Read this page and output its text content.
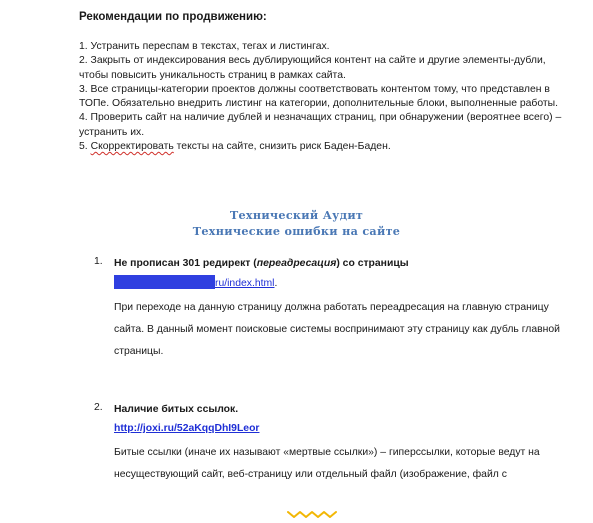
Рекомендации по продвижению:

1. Устранить переспам в текстах, тегах и листингах.
2. Закрыть от индексирования весь дублирующийся контент на сайте и другие элементы-дубли, чтобы повысить уникальность страниц в рамках сайта.
3. Все страницы-категории проектов должны соответствовать контентом тому, что представлен в ТОПе. Обязательно внедрить листинг на категории, дополнительные блоки, выполненные работы.
4. Проверить сайт на наличие дублей и незначащих страниц, при обнаружении (вероятнее всего) – устранить их.
5. Скорректировать тексты на сайте, снизить риск Баден-Баден.

Технический Аудит

Технические ошибки на сайте

1. Не прописан 301 редирект (переадресация) со страницы

ru/index.html.

При переходе на данную страницу должна работать переадресация на главную страницу сайта. В данный момент поисковые системы воспринимают эту страницу как дубль главной страницы.

2. Наличие битых ссылок.

http://joxi.ru/52aKqqDhI9Leor

Битые ссылки (иначе их называют «мертвые ссылки») – гиперссылки, которые ведут на несуществующий сайт, веб-страницу или отдельный файл (изображение, файл с
